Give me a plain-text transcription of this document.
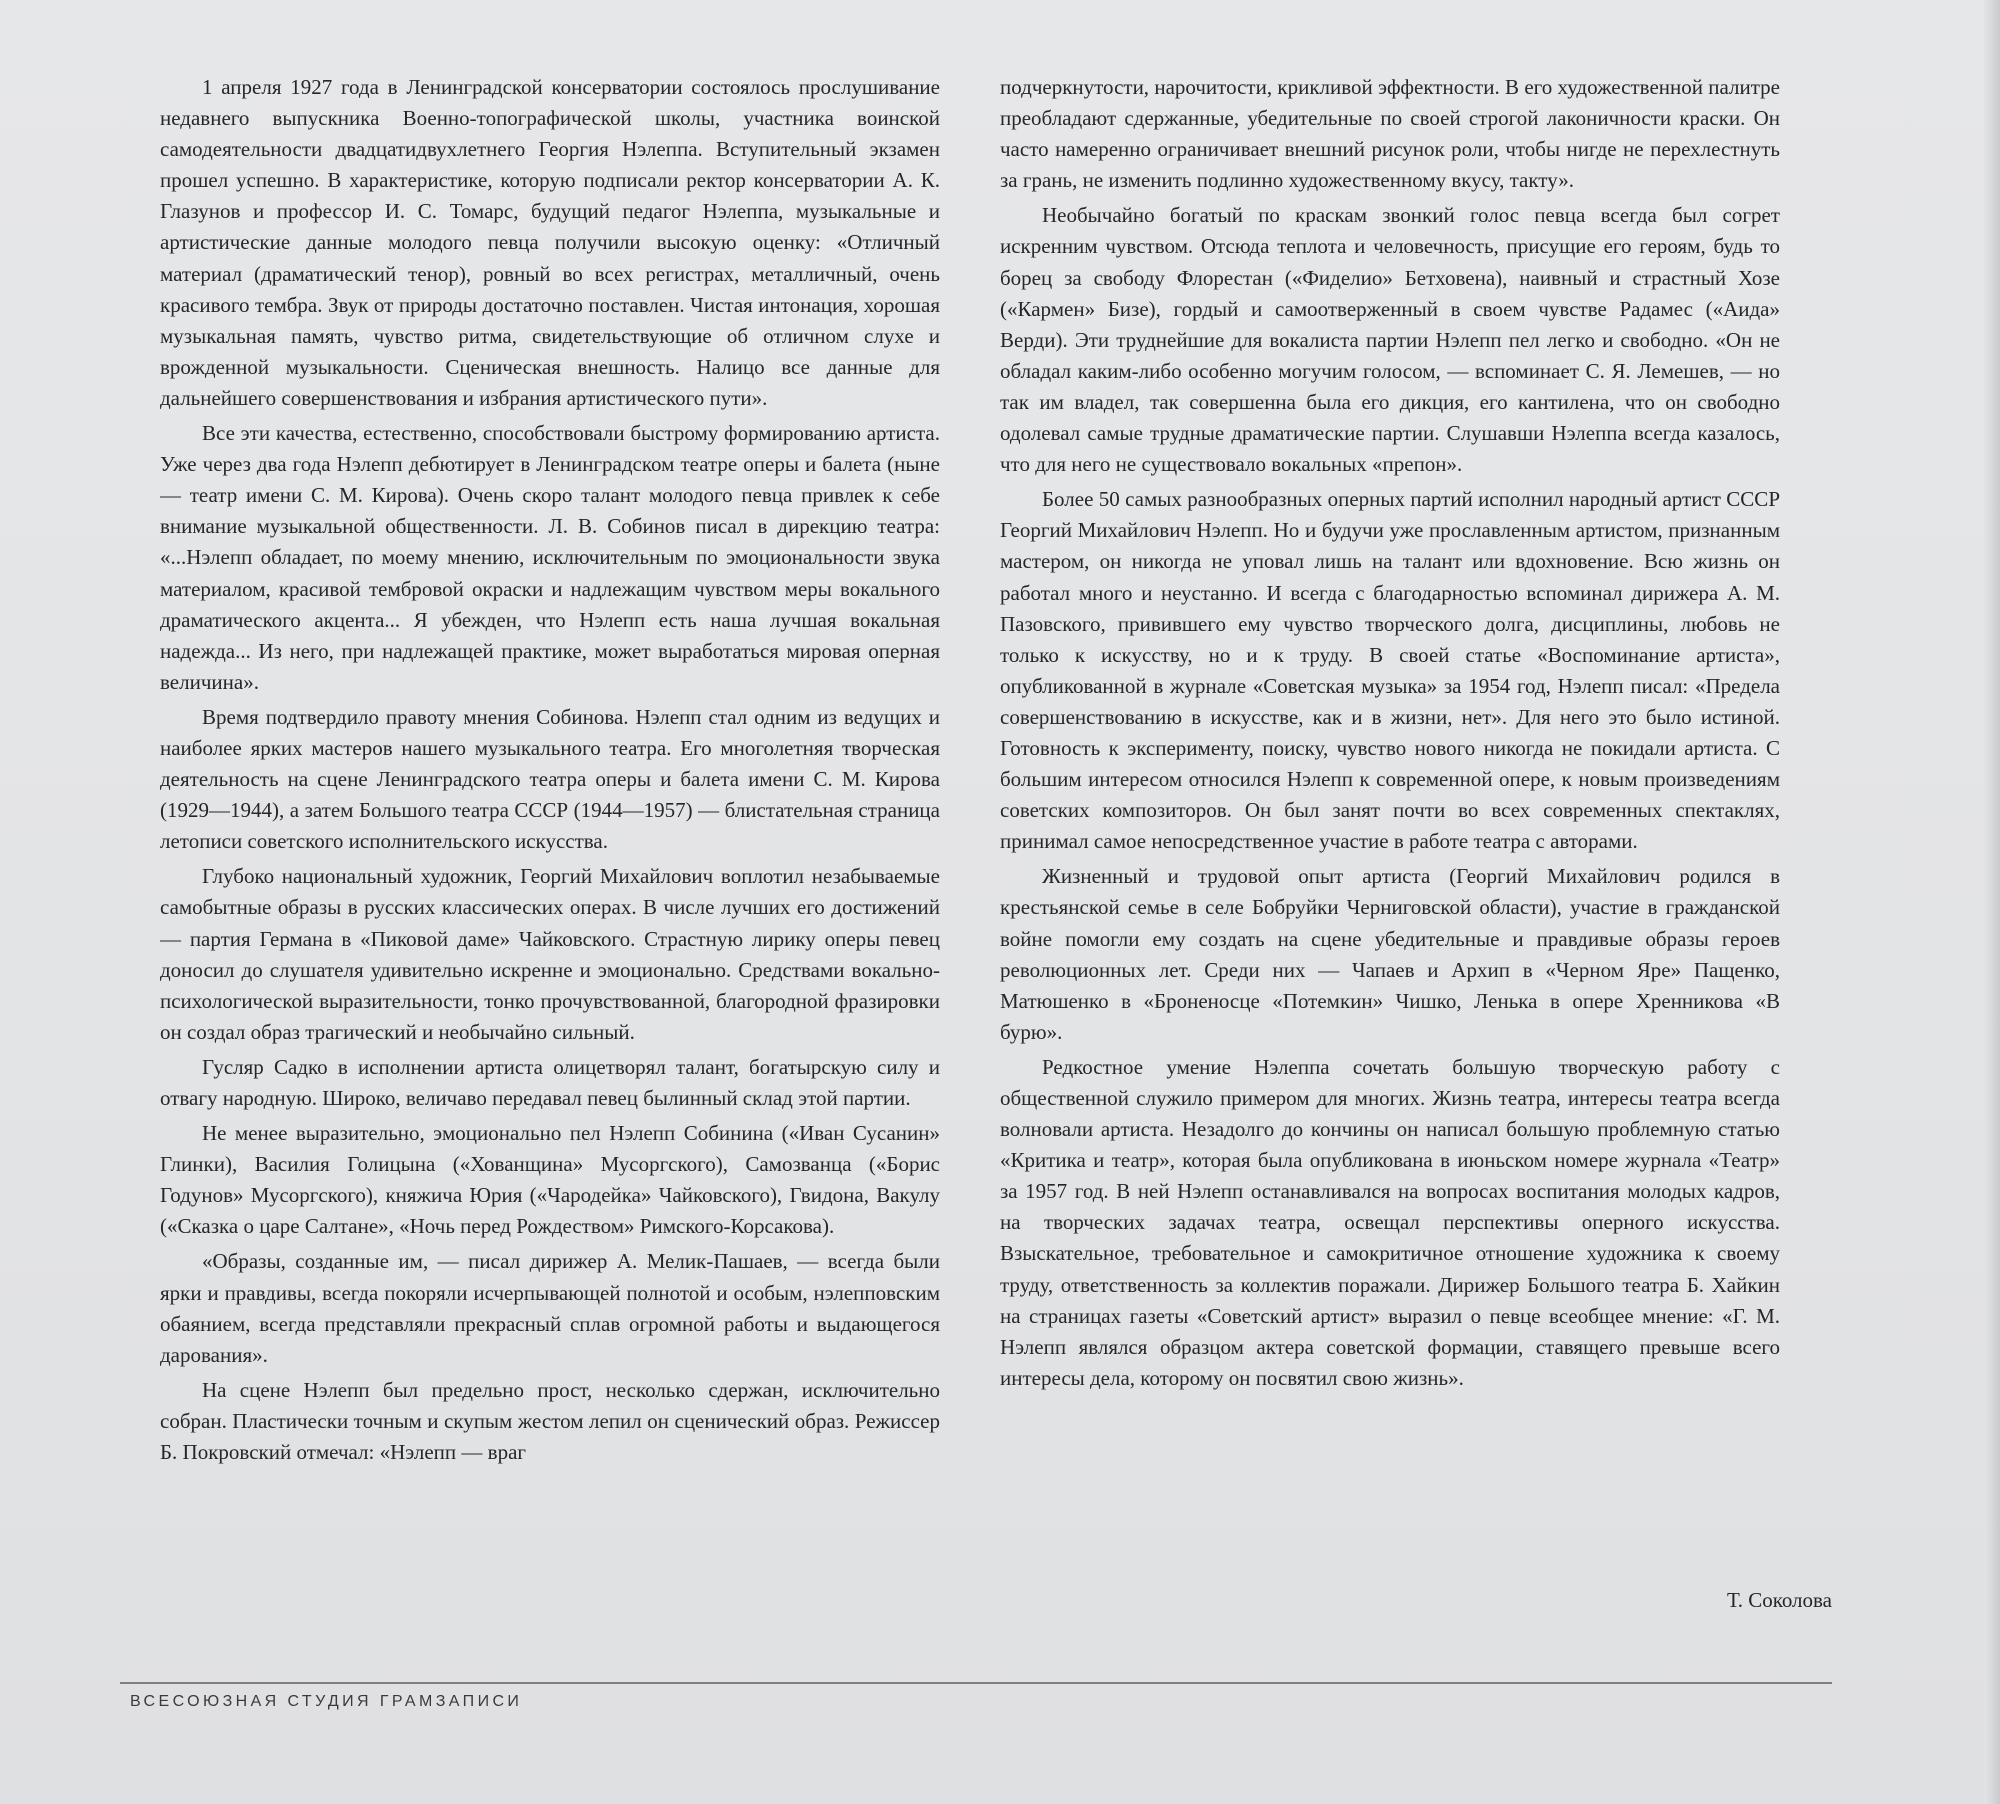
1 апреля 1927 года в Ленинградской консерватории состоялось прослушивание недавнего выпускника Военно-топографической школы, участника воинской самодеятельности двадцатидвухлетнего Георгия Нэлеппа. Вступительный экзамен прошел успешно. В характеристике, которую подписали ректор консерватории А. К. Глазунов и профессор И. С. Томарс, будущий педагог Нэлеппа, музыкальные и артистические данные молодого певца получили высокую оценку: «Отличный материал (драматический тенор), ровный во всех регистрах, металличный, очень красивого тембра. Звук от природы достаточно поставлен. Чистая интонация, хорошая музыкальная память, чувство ритма, свидетельствующие об отличном слухе и врожденной музыкальности. Сценическая внешность. Налицо все данные для дальнейшего совершенствования и избрания артистического пути».

Все эти качества, естественно, способствовали быстрому формированию артиста. Уже через два года Нэлепп дебютирует в Ленинградском театре оперы и балета (ныне — театр имени С. М. Кирова). Очень скоро талант молодого певца привлек к себе внимание музыкальной общественности. Л. В. Собинов писал в дирекцию театра: «...Нэлепп обладает, по моему мнению, исключительным по эмоциональности звука материалом, красивой тембровой окраски и надлежащим чувством меры вокального драматического акцента... Я убежден, что Нэлепп есть наша лучшая вокальная надежда... Из него, при надлежащей практике, может выработаться мировая оперная величина».

Время подтвердило правоту мнения Собинова. Нэлепп стал одним из ведущих и наиболее ярких мастеров нашего музыкального театра. Его многолетняя творческая деятельность на сцене Ленинградского театра оперы и балета имени С. М. Кирова (1929—1944), а затем Большого театра СССР (1944—1957) — блистательная страница летописи советского исполнительского искусства.

Глубоко национальный художник, Георгий Михайлович воплотил незабываемые самобытные образы в русских классических операх. В числе лучших его достижений — партия Германа в «Пиковой даме» Чайковского. Страстную лирику оперы певец доносил до слушателя удивительно искренне и эмоционально. Средствами вокально-психологической выразительности, тонко прочувствованной, благородной фразировки он создал образ трагический и необычайно сильный.

Гусляр Садко в исполнении артиста олицетворял талант, богатырскую силу и отвагу народную. Широко, величаво передавал певец былинный склад этой партии.

Не менее выразительно, эмоционально пел Нэлепп Собинина («Иван Сусанин» Глинки), Василия Голицына («Хованщина» Мусоргского), Самозванца («Борис Годунов» Мусоргского), княжича Юрия («Чародейка» Чайковского), Гвидона, Вакулу («Сказка о царе Салтане», «Ночь перед Рождеством» Римского-Корсакова).

«Образы, созданные им, — писал дирижер А. Мелик-Пашаев, — всегда были ярки и правдивы, всегда покоряли исчерпывающей полнотой и особым, нэлепповским обаянием, всегда представляли прекрасный сплав огромной работы и выдающегося дарования».

На сцене Нэлепп был предельно прост, несколько сдержан, исключительно собран. Пластически точным и скупым жестом лепил он сценический образ. Режиссер Б. Покровский отмечал: «Нэлепп — враг

подчеркнутости, нарочитости, крикливой эффектности. В его художественной палитре преобладают сдержанные, убедительные по своей строгой лаконичности краски. Он часто намеренно ограничивает внешний рисунок роли, чтобы нигде не перехлестнуть за грань, не изменить подлинно художественному вкусу, такту».

Необычайно богатый по краскам звонкий голос певца всегда был согрет искренним чувством. Отсюда теплота и человечность, присущие его героям, будь то борец за свободу Флорестан («Фиделио» Бетховена), наивный и страстный Хозе («Кармен» Бизе), гордый и самоотверженный в своем чувстве Радамес («Аида» Верди). Эти труднейшие для вокалиста партии Нэлепп пел легко и свободно. «Он не обладал каким-либо особенно могучим голосом, — вспоминает С. Я. Лемешев, — но так им владел, так совершенна была его дикция, его кантилена, что он свободно одолевал самые трудные драматические партии. Слушавши Нэлеппа всегда казалось, что для него не существовало вокальных «препон».

Более 50 самых разнообразных оперных партий исполнил народный артист СССР Георгий Михайлович Нэлепп. Но и будучи уже прославленным артистом, признанным мастером, он никогда не уповал лишь на талант или вдохновение. Всю жизнь он работал много и неустанно. И всегда с благодарностью вспоминал дирижера А. М. Пазовского, привившего ему чувство творческого долга, дисциплины, любовь не только к искусству, но и к труду. В своей статье «Воспоминание артиста», опубликованной в журнале «Советская музыка» за 1954 год, Нэлепп писал: «Предела совершенствованию в искусстве, как и в жизни, нет». Для него это было истиной. Готовность к эксперименту, поиску, чувство нового никогда не покидали артиста. С большим интересом относился Нэлепп к современной опере, к новым произведениям советских композиторов. Он был занят почти во всех современных спектаклях, принимал самое непосредственное участие в работе театра с авторами.

Жизненный и трудовой опыт артиста (Георгий Михайлович родился в крестьянской семье в селе Бобруйки Черниговской области), участие в гражданской войне помогли ему создать на сцене убедительные и правдивые образы героев революционных лет. Среди них — Чапаев и Архип в «Черном Яре» Пащенко, Матюшенко в «Броненосце «Потемкин» Чишко, Ленька в опере Хренникова «В бурю».

Редкостное умение Нэлеппа сочетать большую творческую работу с общественной служило примером для многих. Жизнь театра, интересы театра всегда волновали артиста. Незадолго до кончины он написал большую проблемную статью «Критика и театр», которая была опубликована в июньском номере журнала «Театр» за 1957 год. В ней Нэлепп останавливался на вопросах воспитания молодых кадров, на творческих задачах театра, освещал перспективы оперного искусства. Взыскательное, требовательное и самокритичное отношение художника к своему труду, ответственность за коллектив поражали. Дирижер Большого театра Б. Хайкин на страницах газеты «Советский артист» выразил о певце всеобщее мнение: «Г. М. Нэлепп являлся образцом актера советской формации, ставящего превыше всего интересы дела, которому он посвятил свою жизнь».

Т. Соколова
ВСЕСОЮЗНАЯ СТУДИЯ ГРАМЗАПИСИ
